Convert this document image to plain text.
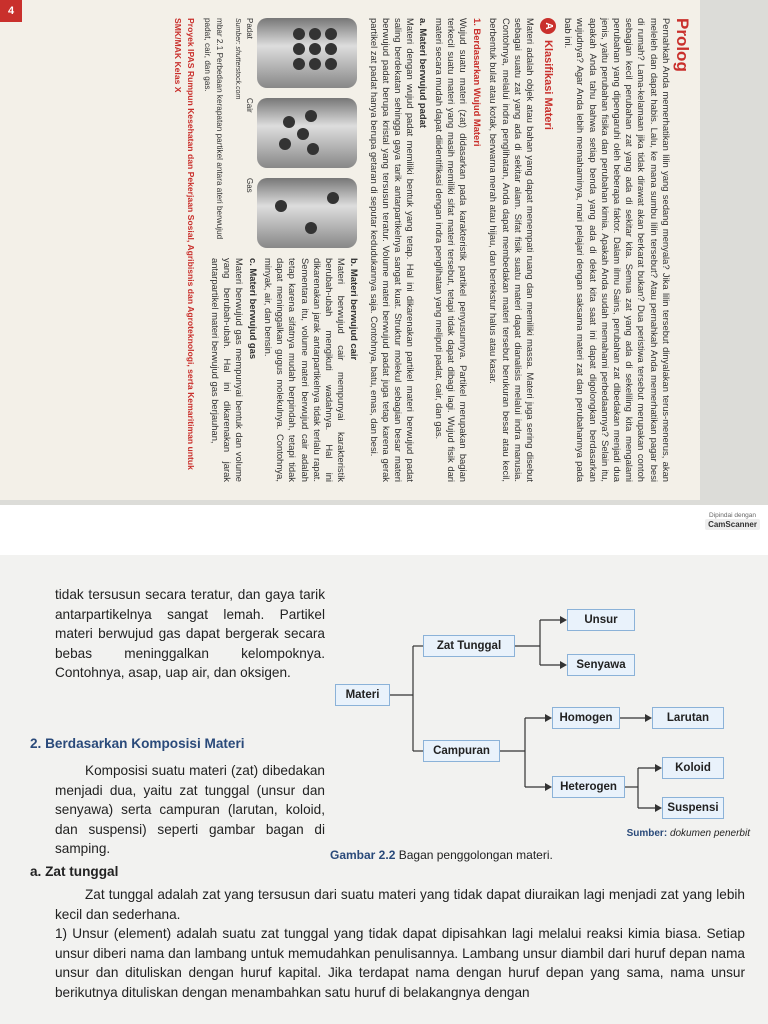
4
Prolog

Pernahkah Anda memerhatikan lilin yang sedang menyala? Jika lilin tersebut dinyalakan terus-menerus, akan meleleh dan dapat habis. Lalu, ke mana sumbu lilin tersebut? Atau pernahkah Anda memerhatikan pagar besi di rumah? Lama-kelamaan jika tidak dirawat akan berkarat bukan? Dua peristiwa tersebut merupakan contoh sebagian kecil perubahan zat yang ada di sekitar kita. Semua zat yang ada di sekeliling kita mengalami perubahan yang dipengaruhi oleh beberapa faktor. Dalam ilmu Sains, perubahan zat dibedakan menjadi dua jenis, yaitu perubahan fisika dan perubahan kimia. Apakah Anda sudah memahami perbedaannya? Selain itu, apakah Anda tahu bahwa setiap benda yang ada di dekat kita saat ini dapat digolongkan berdasarkan wujudnya? Agar Anda lebih memahaminya, mari pelajari dengan saksama materi zat dan perubahannya pada bab ini.

A
Klasifikasi Materi

Materi adalah objek atau bahan yang dapat menempati ruang dan memiliki massa. Materi juga sering disebut sebagai suatu zat yang ada di sekitar alam. Sifat fisik suatu materi dapat dianalisis melalui indra manusia. Contohnya, melalui indra penglihatan, Anda dapat membedakan materi tersebut berukuran besar atau kecil, berbentuk bulat atau kotak, berwarna merah atau hijau, dan bertekstur halus atau kasar.

1. Berdasarkan Wujud Materi

Wujud suatu materi (zat) didasarkan pada karakteristik partikel penyusunnya. Partikel merupakan bagian terkecil suatu materi yang masih memiliki sifat materi tersebut, tetapi tidak dapat dibagi lagi. Wujud fisik dari materi secara mudah dapat diidentifikasi dengan indra penglihatan yang meliputi padat, cair, dan gas.

a. Materi berwujud padat

Materi dengan wujud padat memiliki bentuk yang tetap. Hal ini dikarenakan partikel materi berwujud padat saling berdekatan sehingga gaya tarik antarpartikelnya sangat kuat. Struktur molekul sebagian besar materi berwujud padat berupa kristal yang tersusun teratur. Volume materi berwujud padat juga tetap karena gerak partikel zat padat hanya berupa getaran di seputar kedudukannya saja. Contohnya, batu, emas, dan besi.

Padat
Cair
Gas
Sumber: shutterstock.com
mbar 2.1 Perbedaan kerapatan partikel antara ateri berwujud padat, cair, dan gas.
b. Materi berwujud cair

Materi berwujud cair mempunyai karakteristik berubah-ubah mengikuti wadahnya. Hal ini dikarenakan jarak antarpartikelnya tidak terlalu rapat. Sementara itu, volume materi berwujud cair adalah tetap karena sifatnya mudah berpindah, tetapi tidak dapat meninggalkan gugus molekulnya. Contohnya, minyak, air, dan bensin.

c. Materi berwujud gas

Materi berwujud gas mempunyai bentuk dan volume yang berubah-ubah. Hal ini dikarenakan jarak antarpartikel materi berwujud gas berjauhan,

Proyek IPAS Rumpun Kesehatan dan Pekerjaan Sosial, Agribisnis dan Agroteknologi, serta Kemaritiman untuk SMK/MAK Kelas X
Dipindai dengan
CamScanner
tidak tersusun secara teratur, dan gaya tarik antarpartikelnya sangat lemah. Partikel materi berwujud gas dapat bergerak secara bebas meninggalkan kelompoknya. Contohnya, asap, uap air, dan oksigen.
2. Berdasarkan Komposisi Materi
Komposisi suatu materi (zat) dibedakan menjadi dua, yaitu zat tunggal (unsur dan senyawa) serta campuran (larutan, koloid, dan suspensi) seperti gambar bagan di samping.
Materi
Zat Tunggal
Campuran
Unsur
Senyawa
Homogen
Heterogen
Larutan
Koloid
Suspensi
Sumber: dokumen penerbit
Gambar 2.2 Bagan penggolongan materi.
a. Zat tunggal
Zat tunggal adalah zat yang tersusun dari suatu materi yang tidak dapat diuraikan lagi menjadi zat yang lebih kecil dan sederhana.
1) Unsur (element) adalah suatu zat tunggal yang tidak dapat dipisahkan lagi melalui reaksi kimia biasa. Setiap unsur diberi nama dan lambang untuk memudahkan penulisannya. Lambang unsur diambil dari huruf depan nama unsur dan dituliskan dengan huruf kapital. Jika terdapat nama dengan huruf depan yang sama, nama unsur berikutnya dituliskan dengan menambahkan satu huruf di belakangnya dengan
